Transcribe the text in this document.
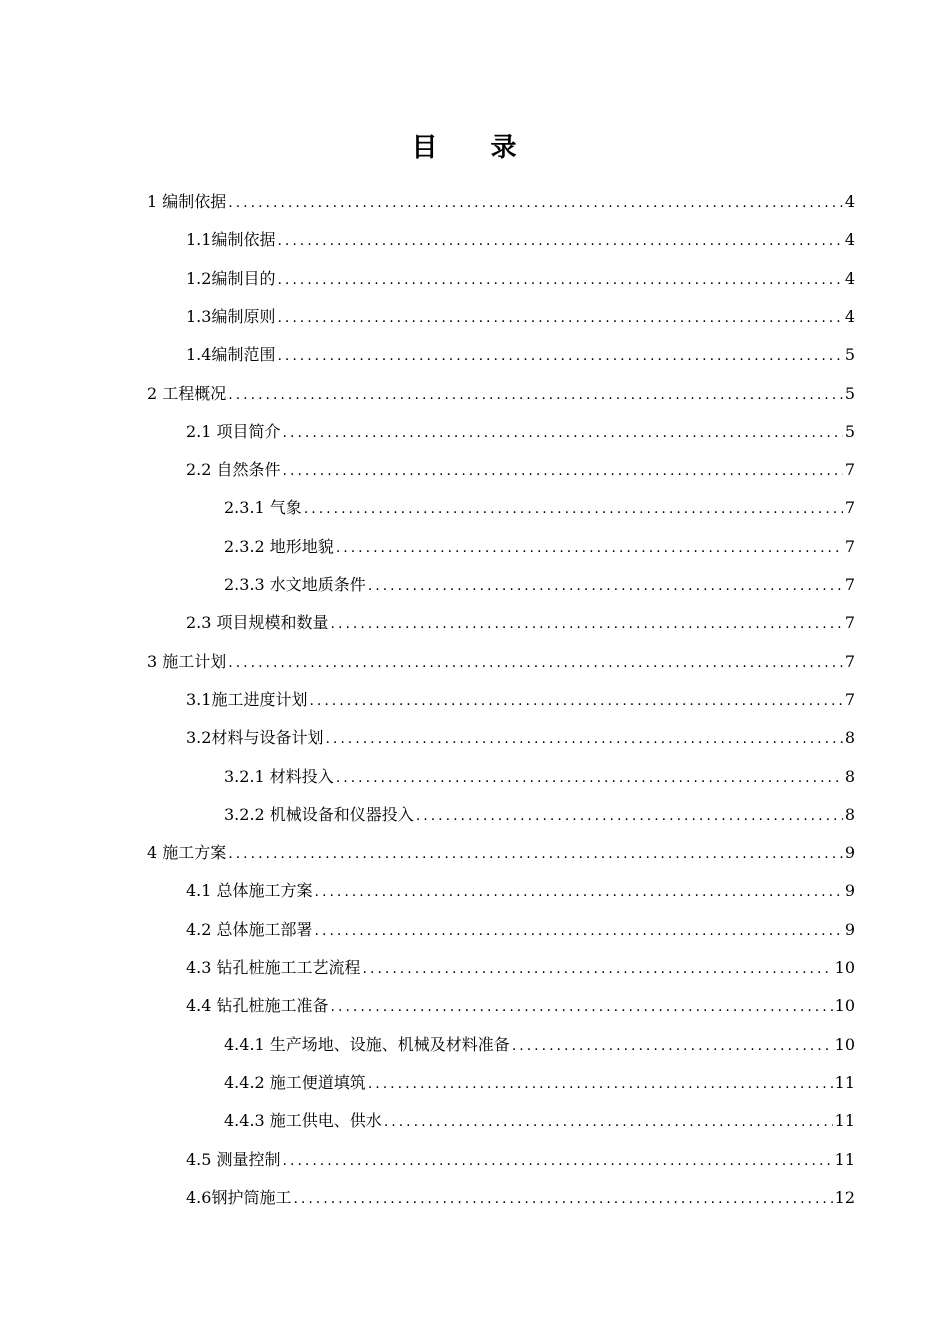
目 录
1 编制依据 .....	4
1.1编制依据 .....	4
1.2编制目的 .....	4
1.3编制原则 .....	4
1.4编制范围 .....	5
2 工程概况 .....	5
2.1 项目简介 .....	5
2.2 自然条件 .....	7
2.3.1 气象 .....	7
2.3.2 地形地貌 .....	7
2.3.3 水文地质条件 .....	7
2.3 项目规模和数量 .....	7
3 施工计划 .....	7
3.1施工进度计划 .....	7
3.2材料与设备计划 .....	8
3.2.1 材料投入 .....	8
3.2.2 机械设备和仪器投入 .....	8
4 施工方案 .....	9
4.1 总体施工方案 .....	9
4.2 总体施工部署 .....	9
4.3 钻孔桩施工工艺流程 .....	10
4.4 钻孔桩施工准备 .....	10
4.4.1 生产场地、设施、机械及材料准备 .....	10
4.4.2 施工便道填筑 .....	11
4.4.3 施工供电、供水 .....	11
4.5 测量控制 .....	11
4.6钢护筒施工 .....	12
